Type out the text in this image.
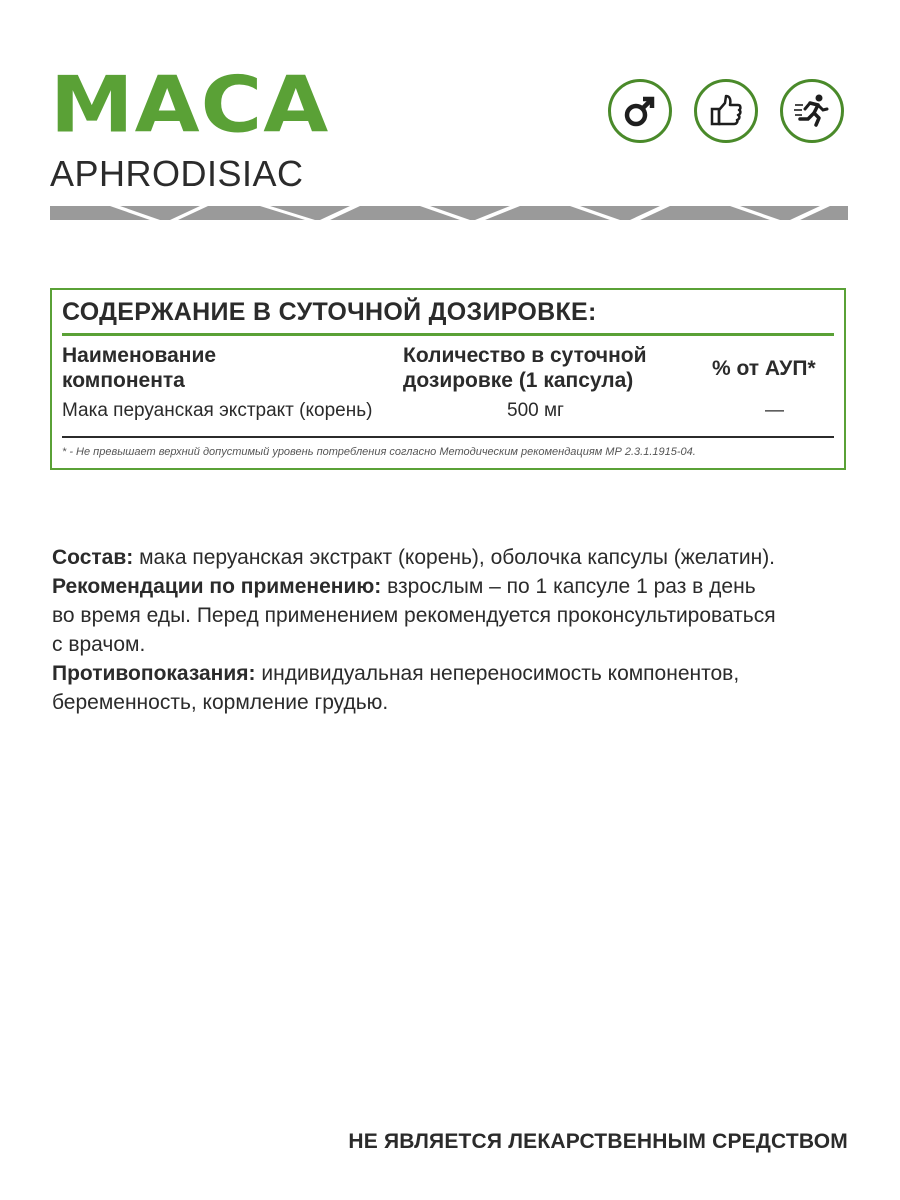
MACA
APHRODISIAC
СОДЕРЖАНИЕ В СУТОЧНОЙ ДОЗИРОВКЕ:
Наименование
компонента
Количество в суточной
дозировке (1 капсула)
% от АУП*
Мака перуанская экстракт (корень)	500 мг	—
* - Не превышает верхний допустимый уровень потребления согласно Методическим рекомендациям МР 2.3.1.1915-04.

Состав: мака перуанская экстракт (корень), оболочка капсулы (желатин).

Рекомендации по применению: взрослым – по 1 капсуле 1 раз в день
во время еды. Перед применением рекомендуется проконсультироваться
с врачом.

Противопоказания: индивидуальная непереносимость компонентов,
беременность, кормление грудью.

НЕ ЯВЛЯЕТСЯ ЛЕКАРСТВЕННЫМ СРЕДСТВОМ
